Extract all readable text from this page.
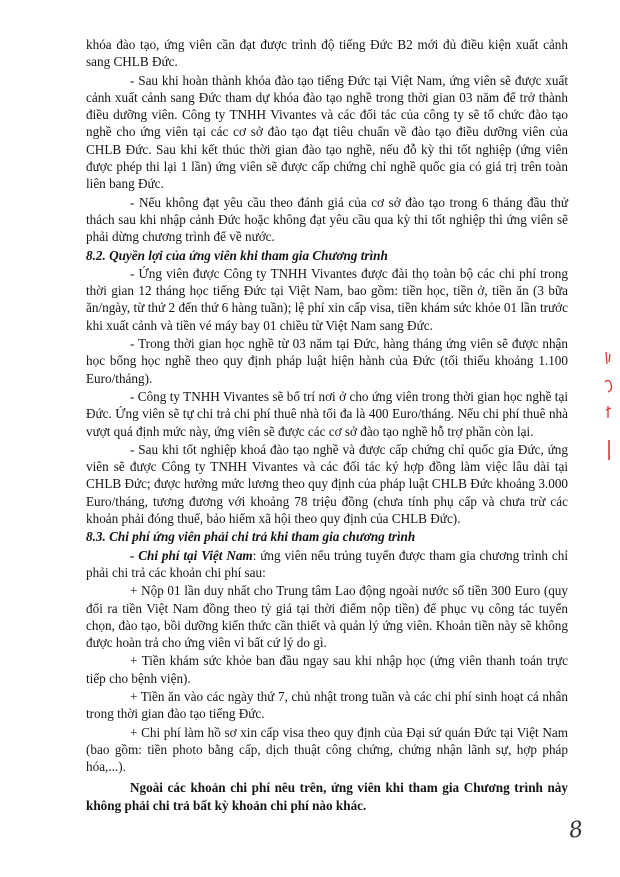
khóa đào tạo, ứng viên cần đạt được trình độ tiếng Đức B2 mới đủ điều kiện xuất cảnh sang CHLB Đức.

- Sau khi hoàn thành khóa đào tạo tiếng Đức tại Việt Nam, ứng viên sẽ được xuất cảnh xuất cảnh sang Đức tham dự khóa đào tạo nghề trong thời gian 03 năm để trở thành điều dưỡng viên. Công ty TNHH Vivantes và các đối tác của công ty sẽ tổ chức đào tạo nghề cho ứng viên tại các cơ sở đào tạo đạt tiêu chuẩn về đào tạo điều dưỡng viên của CHLB Đức. Sau khi kết thúc thời gian đào tạo nghề, nếu đỗ kỳ thi tốt nghiệp (ứng viên được phép thi lại 1 lần) ứng viên sẽ được cấp chứng chỉ nghề quốc gia có giá trị trên toàn liên bang Đức.

- Nếu không đạt yêu cầu theo đánh giá của cơ sở đào tạo trong 6 tháng đầu thử thách sau khi nhập cảnh Đức hoặc không đạt yêu cầu qua kỳ thi tốt nghiệp thì ứng viên sẽ phải dừng chương trình để về nước.

8.2. Quyền lợi của ứng viên khi tham gia Chương trình

- Ứng viên được Công ty TNHH Vivantes được đài thọ toàn bộ các chi phí trong thời gian 12 tháng học tiếng Đức tại Việt Nam, bao gồm: tiền học, tiền ở, tiền ăn (3 bữa ăn/ngày, từ thứ 2 đến thứ 6 hàng tuần); lệ phí xin cấp visa, tiền khám sức khỏe 01 lần trước khi xuất cảnh và tiền vé máy bay 01 chiều từ Việt Nam sang Đức.

- Trong thời gian học nghề từ 03 năm tại Đức, hàng tháng ứng viên sẽ được nhận học bổng học nghề theo quy định pháp luật hiện hành của Đức (tối thiểu khoảng 1.100 Euro/tháng).

- Công ty TNHH Vivantes sẽ bố trí nơi ở cho ứng viên trong thời gian học nghề tại Đức. Ứng viên sẽ tự chi trả chi phí thuê nhà tối đa là 400 Euro/tháng. Nếu chi phí thuê nhà vượt quá định mức này, ứng viên sẽ được các cơ sở đào tạo nghề hỗ trợ phần còn lại.

- Sau khi tốt nghiệp khoá đào tạo nghề và được cấp chứng chỉ quốc gia Đức, ứng viên sẽ được Công ty TNHH Vivantes và các đối tác ký hợp đồng làm việc lâu dài tại CHLB Đức; được hưởng mức lương theo quy định của pháp luật CHLB Đức khoảng 3.000 Euro/tháng, tương đương với khoảng 78 triệu đồng (chưa tính phụ cấp và chưa trừ các khoản phải đóng thuế, bảo hiểm xã hội theo quy định của CHLB Đức).

8.3. Chi phí ứng viên phải chi trả khi tham gia chương trình

- Chi phí tại Việt Nam: ứng viên nếu trúng tuyển được tham gia chương trình chỉ phải chi trả các khoản chi phí sau:

+ Nộp 01 lần duy nhất cho Trung tâm Lao động ngoài nước số tiền 300 Euro (quy đổi ra tiền Việt Nam đồng theo tỷ giá tại thời điểm nộp tiền) để phục vụ công tác tuyển chọn, đào tạo, bồi dưỡng kiến thức cần thiết và quản lý ứng viên. Khoản tiền này sẽ không được hoàn trả cho ứng viên vì bất cứ lý do gì.

+ Tiền khám sức khỏe ban đầu ngay sau khi nhập học (ứng viên thanh toán trực tiếp cho bệnh viện).

+ Tiền ăn vào các ngày thứ 7, chủ nhật trong tuần và các chi phí sinh hoạt cá nhân trong thời gian đào tạo tiếng Đức.

+ Chi phí làm hồ sơ xin cấp visa theo quy định của Đại sứ quán Đức tại Việt Nam (bao gồm: tiền photo bằng cấp, dịch thuật công chứng, chứng nhận lãnh sự, hợp pháp hóa,...).

Ngoài các khoản chi phí nêu trên, ứng viên khi tham gia Chương trình này không phải chi trả bất kỳ khoản chi phí nào khác.

8
